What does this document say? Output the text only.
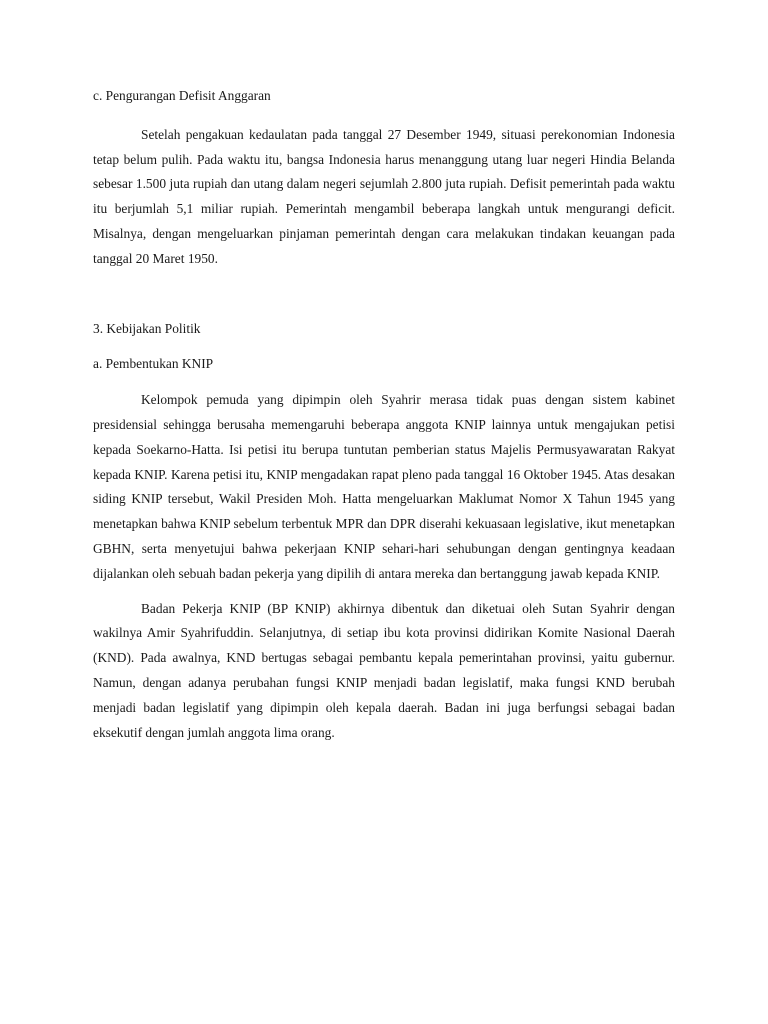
c. Pengurangan Defisit Anggaran

Setelah pengakuan kedaulatan pada tanggal 27 Desember 1949, situasi perekonomian Indonesia tetap belum pulih. Pada waktu itu, bangsa Indonesia harus menanggung utang luar negeri Hindia Belanda sebesar 1.500 juta rupiah dan utang dalam negeri sejumlah 2.800 juta rupiah. Defisit pemerintah pada waktu itu berjumlah 5,1 miliar rupiah. Pemerintah mengambil beberapa langkah untuk mengurangi deficit. Misalnya, dengan mengeluarkan pinjaman pemerintah dengan cara melakukan tindakan keuangan pada tanggal 20 Maret 1950.

3. Kebijakan Politik

a. Pembentukan KNIP

Kelompok pemuda yang dipimpin oleh Syahrir merasa tidak puas dengan sistem kabinet presidensial sehingga berusaha memengaruhi beberapa anggota KNIP lainnya untuk mengajukan petisi kepada Soekarno-Hatta. Isi petisi itu berupa tuntutan pemberian status Majelis Permusyawaratan Rakyat kepada KNIP. Karena petisi itu, KNIP mengadakan rapat pleno pada tanggal 16 Oktober 1945. Atas desakan siding KNIP tersebut, Wakil Presiden Moh. Hatta mengeluarkan Maklumat Nomor X Tahun 1945 yang menetapkan bahwa KNIP sebelum terbentuk MPR dan DPR diserahi kekuasaan legislative, ikut menetapkan GBHN, serta menyetujui bahwa pekerjaan KNIP sehari-hari sehubungan dengan gentingnya keadaan dijalankan oleh sebuah badan pekerja yang dipilih di antara mereka dan bertanggung jawab kepada KNIP.

Badan Pekerja KNIP (BP KNIP) akhirnya dibentuk dan diketuai oleh Sutan Syahrir dengan wakilnya Amir Syahrifuddin. Selanjutnya, di setiap ibu kota provinsi didirikan Komite Nasional Daerah (KND). Pada awalnya, KND bertugas sebagai pembantu kepala pemerintahan provinsi, yaitu gubernur. Namun, dengan adanya perubahan fungsi KNIP menjadi badan legislatif, maka fungsi KND berubah menjadi badan legislatif yang dipimpin oleh kepala daerah. Badan ini juga berfungsi sebagai badan eksekutif dengan jumlah anggota lima orang.
